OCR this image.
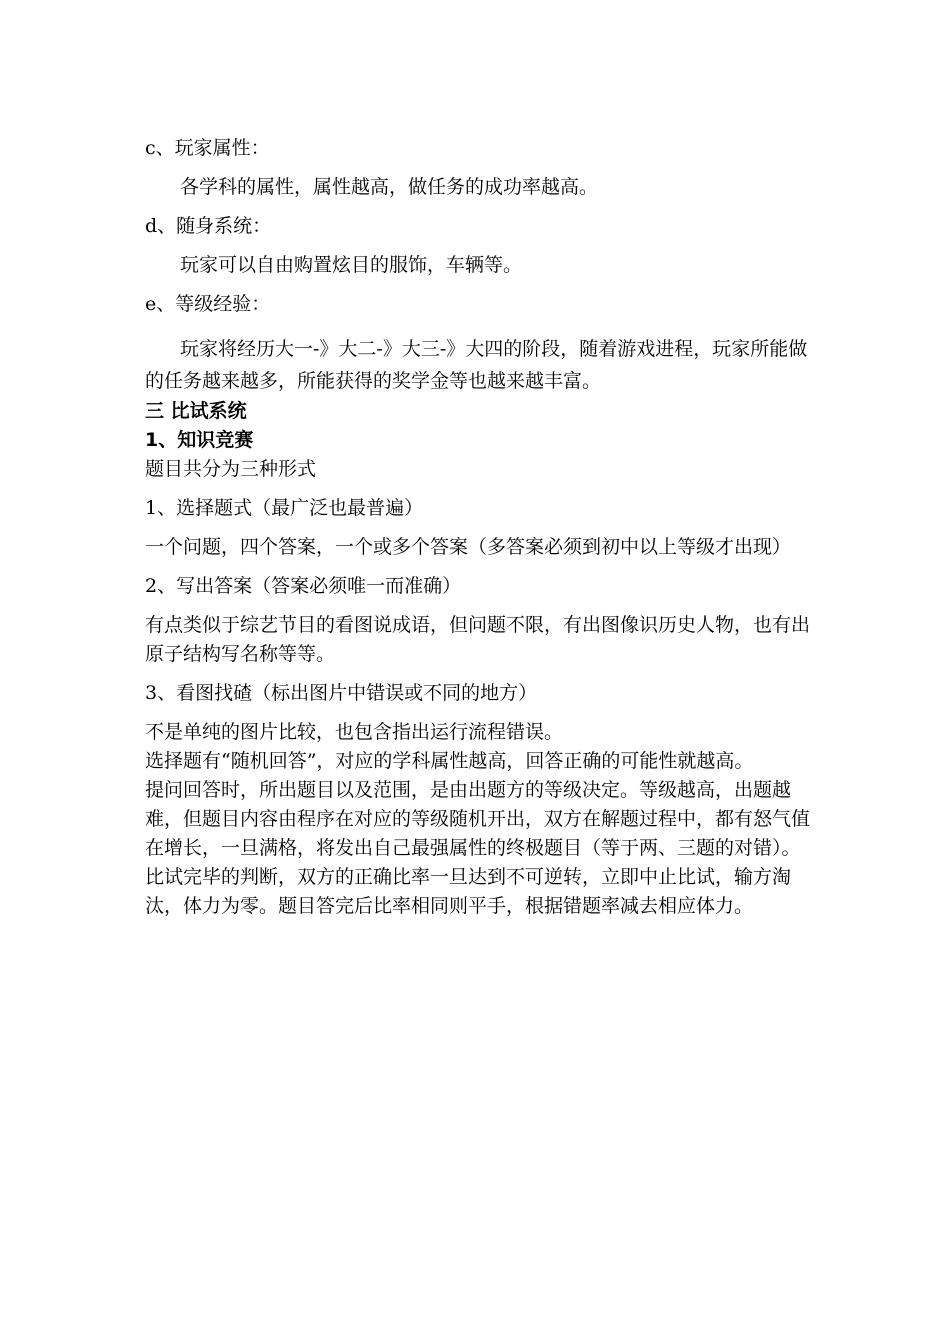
c、玩家属性：

各学科的属性，属性越高，做任务的成功率越高。

d、随身系统：

玩家可以自由购置炫目的服饰，车辆等。

e、等级经验：

玩家将经历大一-》大二-》大三-》大四的阶段，随着游戏进程，玩家所能做的任务越来越多，所能获得的奖学金等也越来越丰富。

三 比试系统

1、知识竞赛

题目共分为三种形式

1、选择题式（最广泛也最普遍）

一个问题，四个答案，一个或多个答案（多答案必须到初中以上等级才出现）

2、写出答案（答案必须唯一而准确）

有点类似于综艺节目的看图说成语，但问题不限，有出图像识历史人物，也有出原子结构写名称等等。

3、看图找碴（标出图片中错误或不同的地方）

不是单纯的图片比较，也包含指出运行流程错误。

选择题有“随机回答”，对应的学科属性越高，回答正确的可能性就越高。

提问回答时，所出题目以及范围，是由出题方的等级决定。等级越高，出题越难，但题目内容由程序在对应的等级随机开出，双方在解题过程中，都有怒气值在增长，一旦满格，将发出自己最强属性的终极题目（等于两、三题的对错）。

比试完毕的判断，双方的正确比率一旦达到不可逆转，立即中止比试，输方淘汰，体力为零。题目答完后比率相同则平手，根据错题率减去相应体力。
